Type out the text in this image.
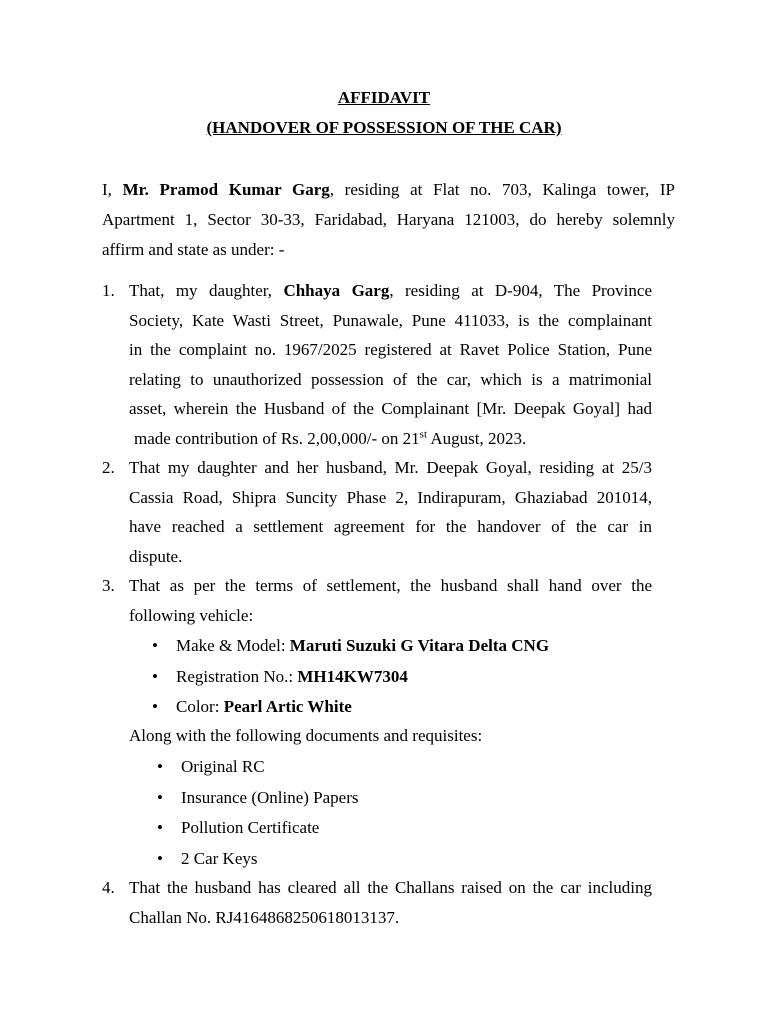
AFFIDAVIT
(HANDOVER OF POSSESSION OF THE CAR)
I, Mr. Pramod Kumar Garg, residing at Flat no. 703, Kalinga tower, IP
Apartment 1, Sector 30-33, Faridabad, Haryana 121003, do hereby solemnly
affirm and state as under: -
1. That, my daughter, Chhaya Garg, residing at D-904, The Province
Society, Kate Wasti Street, Punawale, Pune 411033, is the complainant
in the complaint no. 1967/2025 registered at Ravet Police Station, Pune
relating to unauthorized possession of the car, which is a matrimonial
asset, wherein the Husband of the Complainant [Mr. Deepak Goyal] had
made contribution of Rs. 2,00,000/- on 21st August, 2023.
2. That my daughter and her husband, Mr. Deepak Goyal, residing at 25/3
Cassia Road, Shipra Suncity Phase 2, Indirapuram, Ghaziabad 201014,
have reached a settlement agreement for the handover of the car in
dispute.
3. That as per the terms of settlement, the husband shall hand over the
following vehicle:
• Make & Model: Maruti Suzuki G Vitara Delta CNG
• Registration No.: MH14KW7304
• Color: Pearl Artic White
Along with the following documents and requisites:
• Original RC
• Insurance (Online) Papers
• Pollution Certificate
• 2 Car Keys
4. That the husband has cleared all the Challans raised on the car including
Challan No. RJ4164868250618013137.
